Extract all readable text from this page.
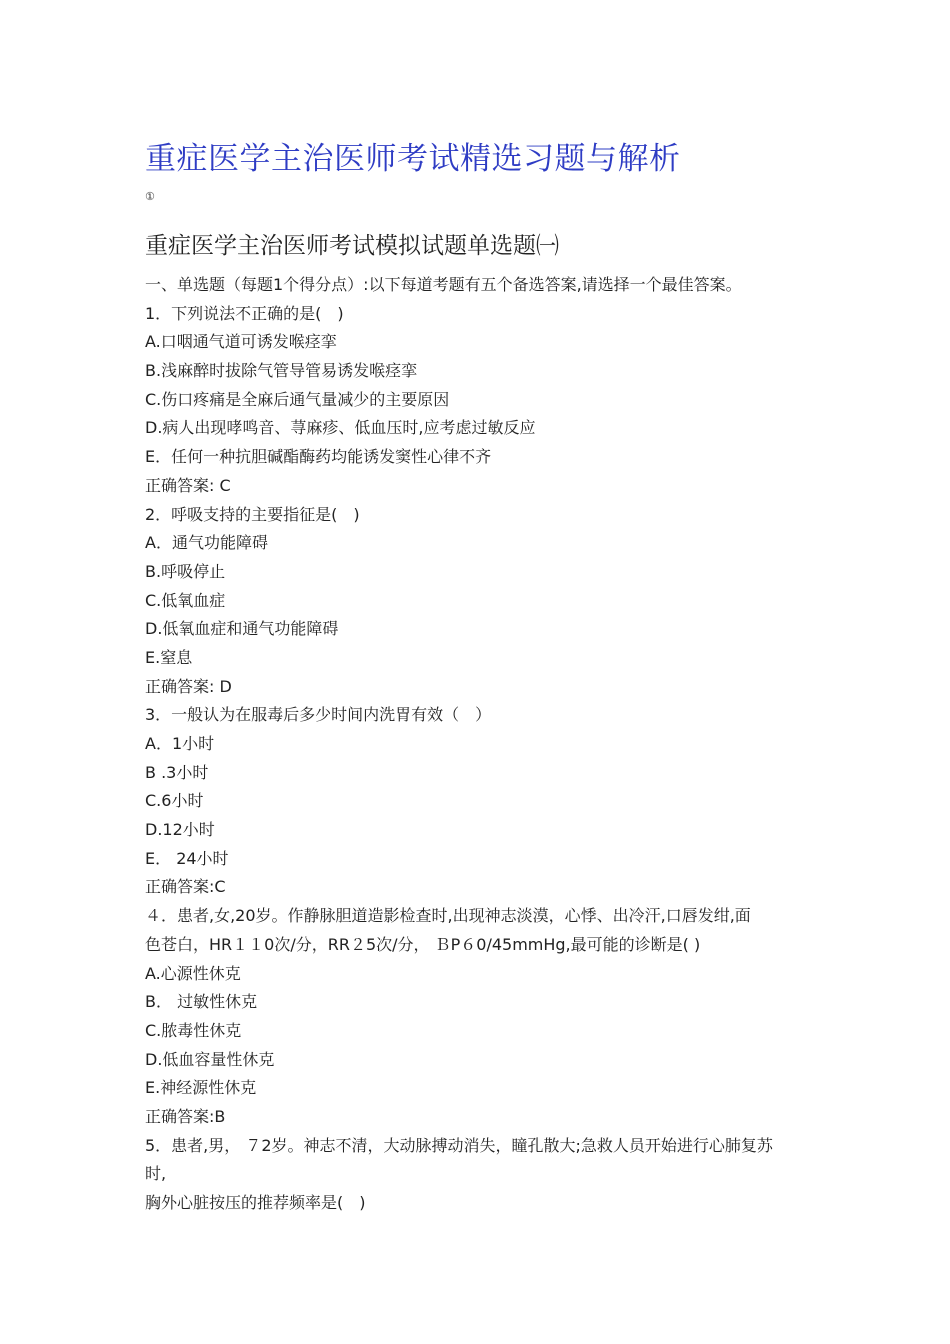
重症医学主治医师考试精选习题与解析
①
重症医学主治医师考试模拟试题单选题㈠
一、单选题（每题1个得分点）:以下每道考题有五个备选答案,请选择一个最佳答案。
1．下列说法不正确的是(　)
A.口咽通气道可诱发喉痉挛
B.浅麻醉时拔除气管导管易诱发喉痉挛
C.伤口疼痛是全麻后通气量减少的主要原因
D.病人出现哮鸣音、荨麻疹、低血压时,应考虑过敏反应
E．任何一种抗胆碱酯酶药均能诱发窦性心律不齐
正确答案: C
2．呼吸支持的主要指征是(　)
A．通气功能障碍
B.呼吸停止
C.低氧血症
D.低氧血症和通气功能障碍
E.窒息
正确答案: D
3．一般认为在服毒后多少时间内洗胃有效（　）
A．1小时
B .3小时
C.6小时
D.12小时
E． 24小时
正确答案:C
４．患者,女,20岁。作静脉胆道造影检查时,出现神志淡漠，心悸、出冷汗,口唇发绀,面
色苍白，HR１１0次/分，RR２5次/分， ＢP６0/45mmHg,最可能的诊断是( )
A.心源性休克
B． 过敏性休克
C.脓毒性休克
D.低血容量性休克
E.神经源性休克
正确答案:B
5．患者,男， ７2岁。神志不清，大动脉搏动消失，瞳孔散大;急救人员开始进行心肺复苏
时,
胸外心脏按压的推荐频率是(　)
